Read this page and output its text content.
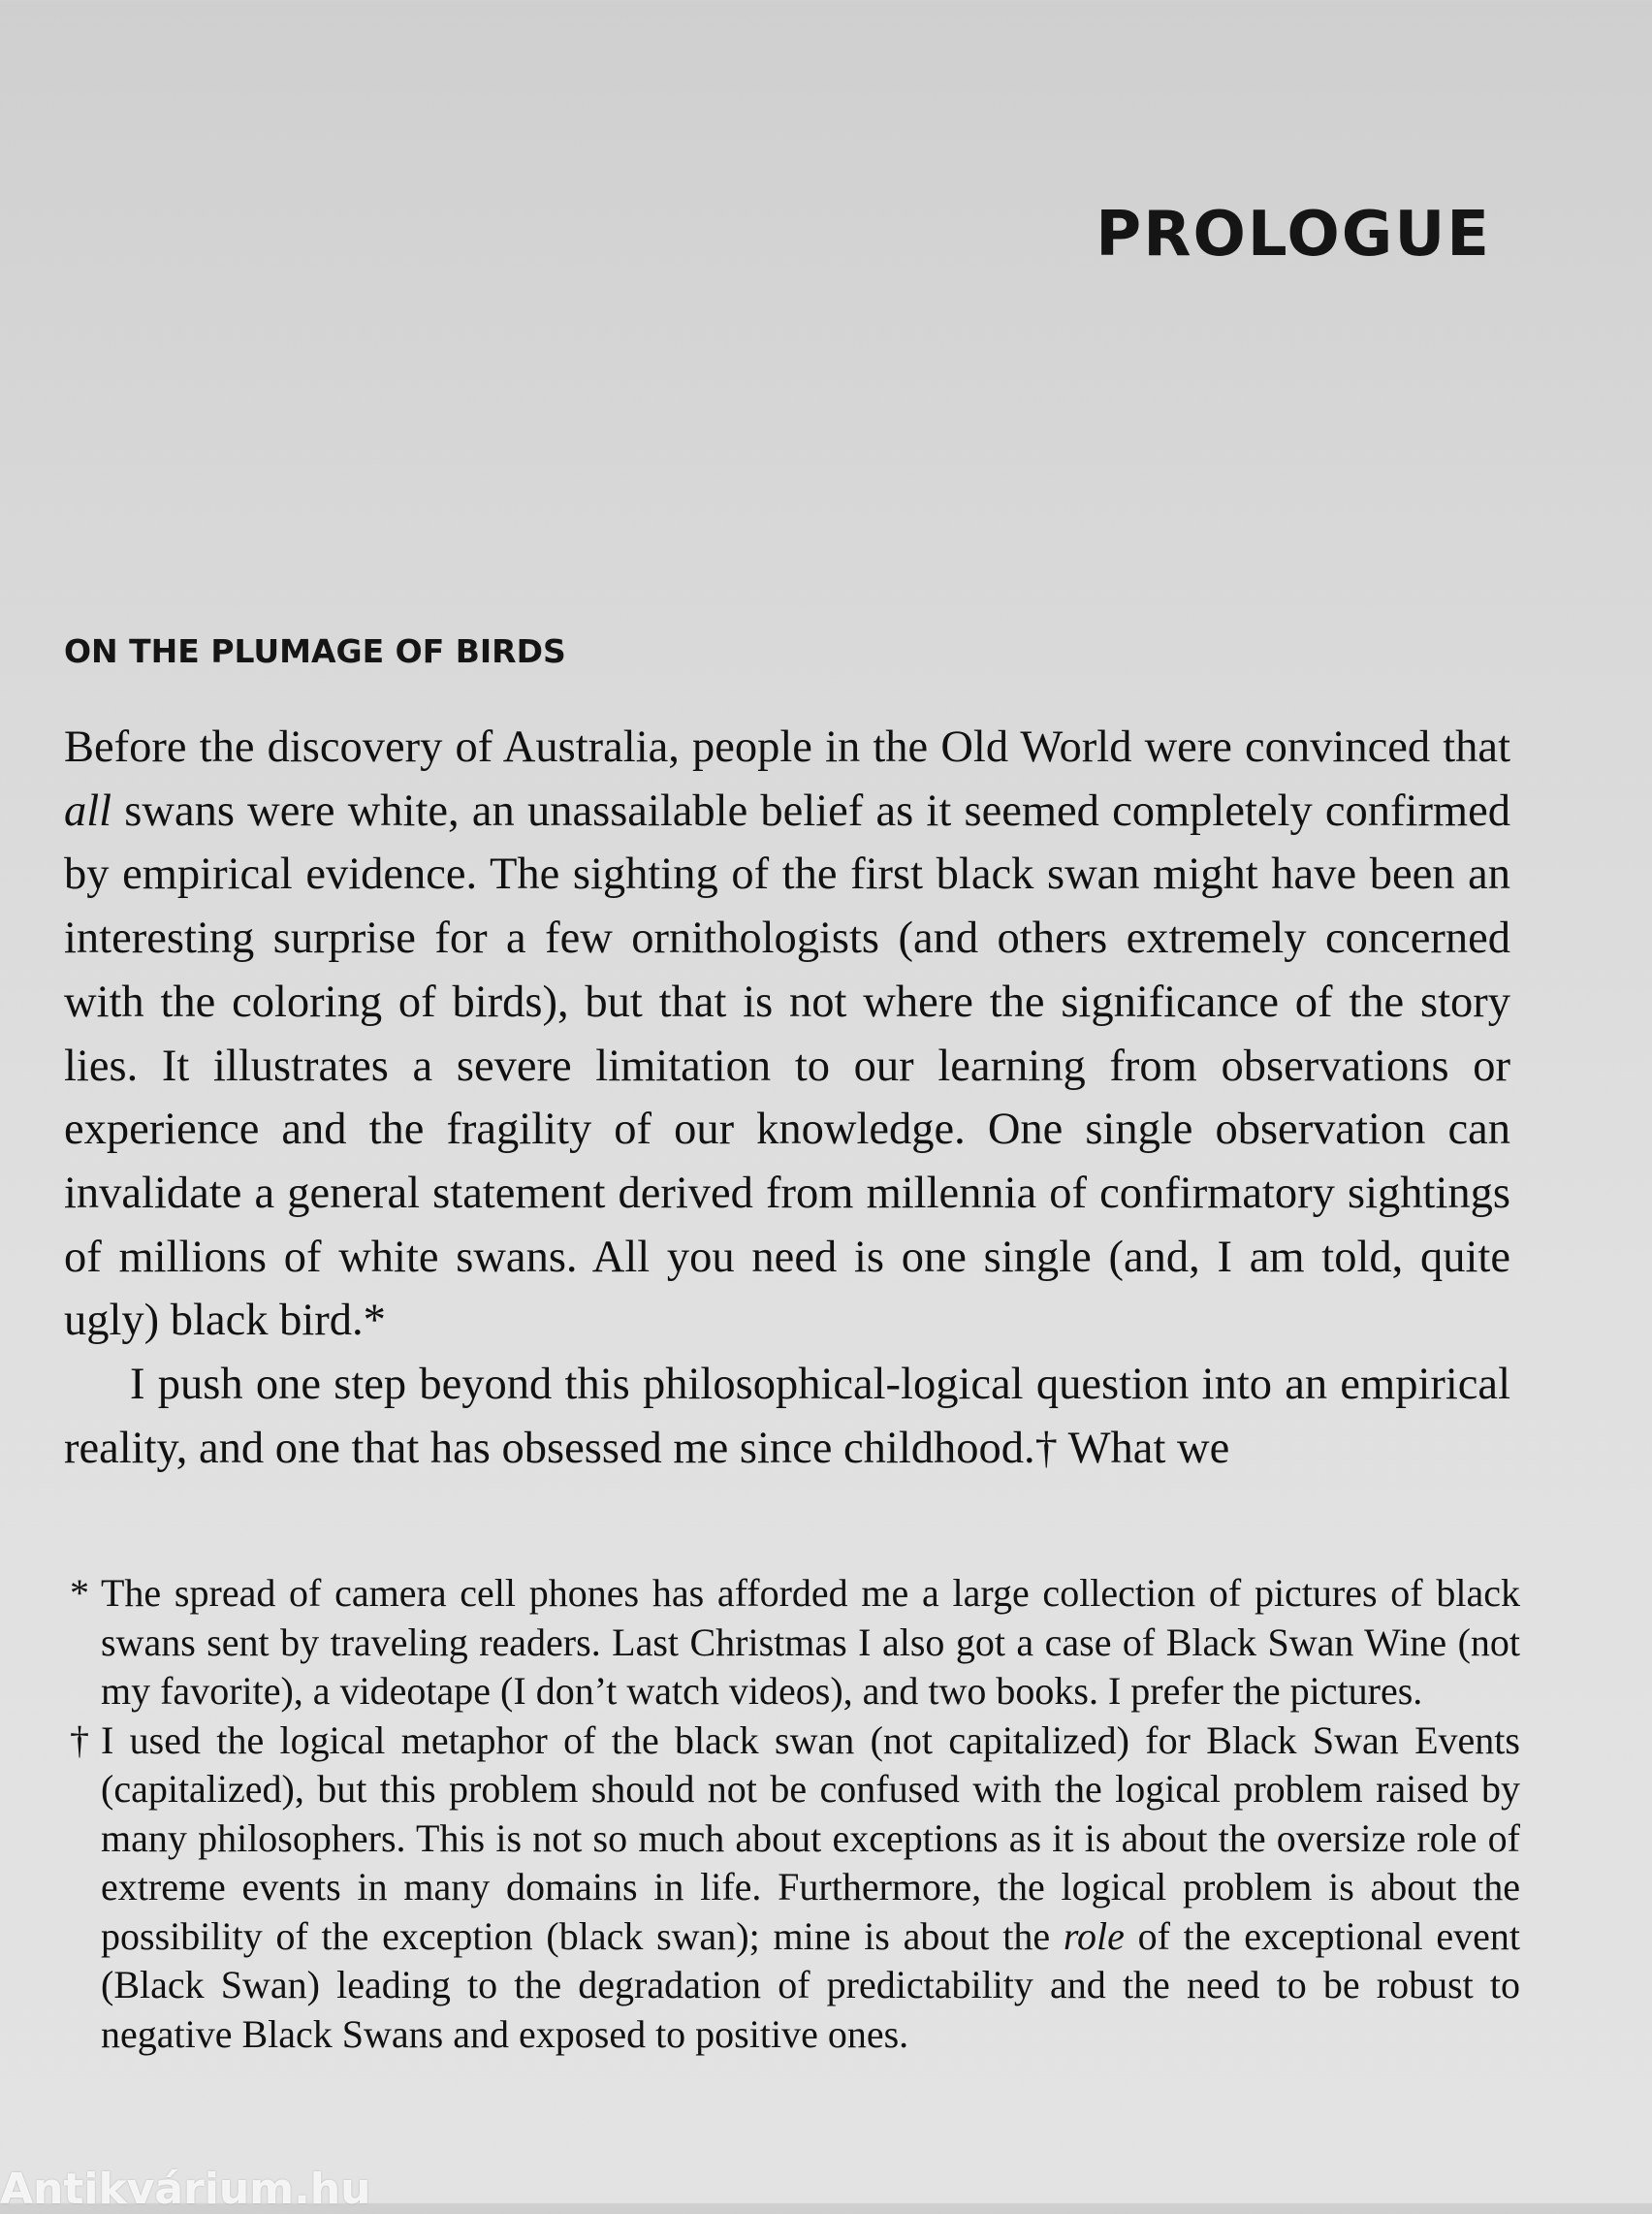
PROLOGUE
ON THE PLUMAGE OF BIRDS

Before the discovery of Australia, people in the Old World were convinced that all swans were white, an unassailable belief as it seemed completely confirmed by empirical evidence. The sighting of the first black swan might have been an interesting surprise for a few ornithologists (and others extremely concerned with the coloring of birds), but that is not where the significance of the story lies. It illustrates a severe limitation to our learning from observations or experience and the fragility of our knowledge. One single observation can invalidate a general statement derived from millennia of confirmatory sightings of millions of white swans. All you need is one single (and, I am told, quite ugly) black bird.*

I push one step beyond this philosophical-logical question into an empirical reality, and one that has obsessed me since childhood.† What we

* The spread of camera cell phones has afforded me a large collection of pictures of black swans sent by traveling readers. Last Christmas I also got a case of Black Swan Wine (not my favorite), a videotape (I don’t watch videos), and two books. I prefer the pictures.

† I used the logical metaphor of the black swan (not capitalized) for Black Swan Events (capitalized), but this problem should not be confused with the logical problem raised by many philosophers. This is not so much about exceptions as it is about the oversize role of extreme events in many domains in life. Furthermore, the logical problem is about the possibility of the exception (black swan); mine is about the role of the exceptional event (Black Swan) leading to the degradation of predictability and the need to be robust to negative Black Swans and exposed to positive ones.

Antikvárium.hu
